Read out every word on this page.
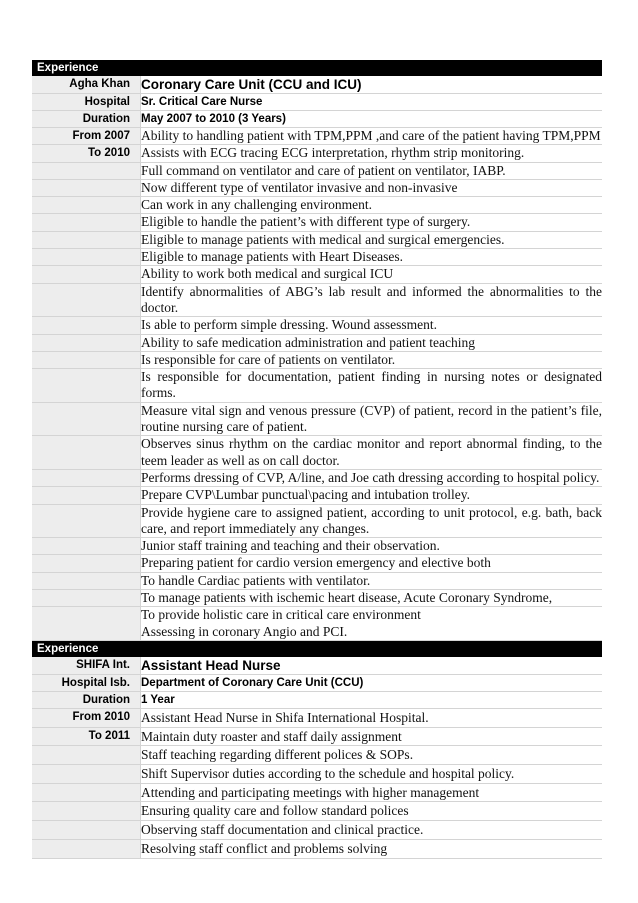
Experience
Agha Khan		Coronary Care Unit (CCU and ICU)

Hospital		Sr. Critical Care Nurse

Duration		May 2007 to 2010 (3 Years)

From 2007		Ability to handling patient with TPM,PPM ,and care of the patient having TPM,PPM

To 2010		Assists with ECG tracing ECG interpretation, rhythm strip monitoring.

		Full command on ventilator and care of patient on ventilator, IABP.

		Now different type of ventilator invasive and non-invasive

		Can work in any challenging environment.

		Eligible to handle the patient’s with different type of surgery.

		Eligible to manage patients with medical and surgical emergencies.

		Eligible to manage patients with Heart Diseases.

		Ability to work both medical and surgical ICU

		Identify abnormalities of ABG’s lab result and informed the abnormalities to the doctor.

		Is able to perform simple dressing. Wound assessment.

		Ability to safe medication administration and patient teaching

		Is responsible for care of patients on ventilator.

		Is responsible for documentation, patient finding in nursing notes or designated forms.

		Measure vital sign and venous pressure (CVP) of patient, record in the patient’s file, routine nursing care of patient.

		Observes sinus rhythm on the cardiac monitor and report abnormal finding, to the teem leader as well as on call doctor.

		Performs dressing of CVP, A/line, and Joe cath dressing according to hospital policy.

		Prepare CVP\Lumbar punctual\pacing and intubation trolley.

		Provide hygiene care to assigned patient, according to unit protocol, e.g. bath, back care, and report immediately any changes.

		Junior staff training and teaching and their observation.

		Preparing patient for cardio version emergency and elective both

		To handle Cardiac patients with ventilator.

		To manage patients with ischemic heart disease, Acute Coronary Syndrome,

		To provide holistic care in critical care environment
Assessing in coronary Angio and PCI.
Experience
SHIFA Int.		Assistant Head Nurse

Hospital Isb.		Department of Coronary Care Unit (CCU)

Duration		1 Year

From 2010		Assistant Head Nurse in Shifa International Hospital.

To 2011		Maintain duty roaster and staff daily assignment

		Staff teaching regarding different polices & SOPs.

		Shift Supervisor duties according to the schedule and hospital policy.

		Attending and participating meetings with higher management

		Ensuring quality care and follow standard polices

		Observing staff documentation and clinical practice.

		Resolving staff conflict and problems solving
